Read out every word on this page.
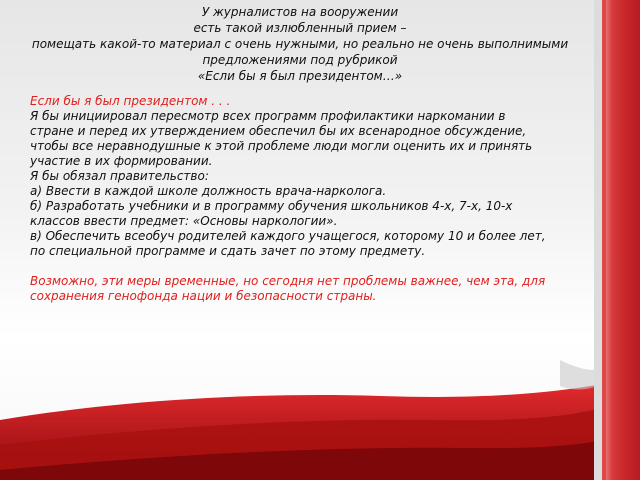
У журналистов на вооружении
есть такой излюбленный прием –
помещать какой-то материал с очень нужными, но реально не очень выполнимыми
предложениями под рубрикой
«Если бы я был президентом…»

Если бы я был президентом . . .

Я бы инициировал пересмотр всех программ профилактики наркомании в стране и перед их утверждением обеспечил бы их всенародное обсуждение, чтобы все неравнодушные к этой проблеме люди могли оценить их и принять участие в их формировании.

Я бы обязал правительство:

а) Ввести в каждой школе должность врача-нарколога.

б) Разработать учебники и в программу обучения школьников 4-х, 7-х, 10-х классов ввести предмет: «Основы наркологии».

в) Обеспечить всеобуч родителей каждого учащегося, которому 10 и более лет, по специальной программе и сдать зачет по этому предмету.

Возможно, эти меры временные, но сегодня нет проблемы важнее, чем эта, для сохранения генофонда нации и безопасности страны.
